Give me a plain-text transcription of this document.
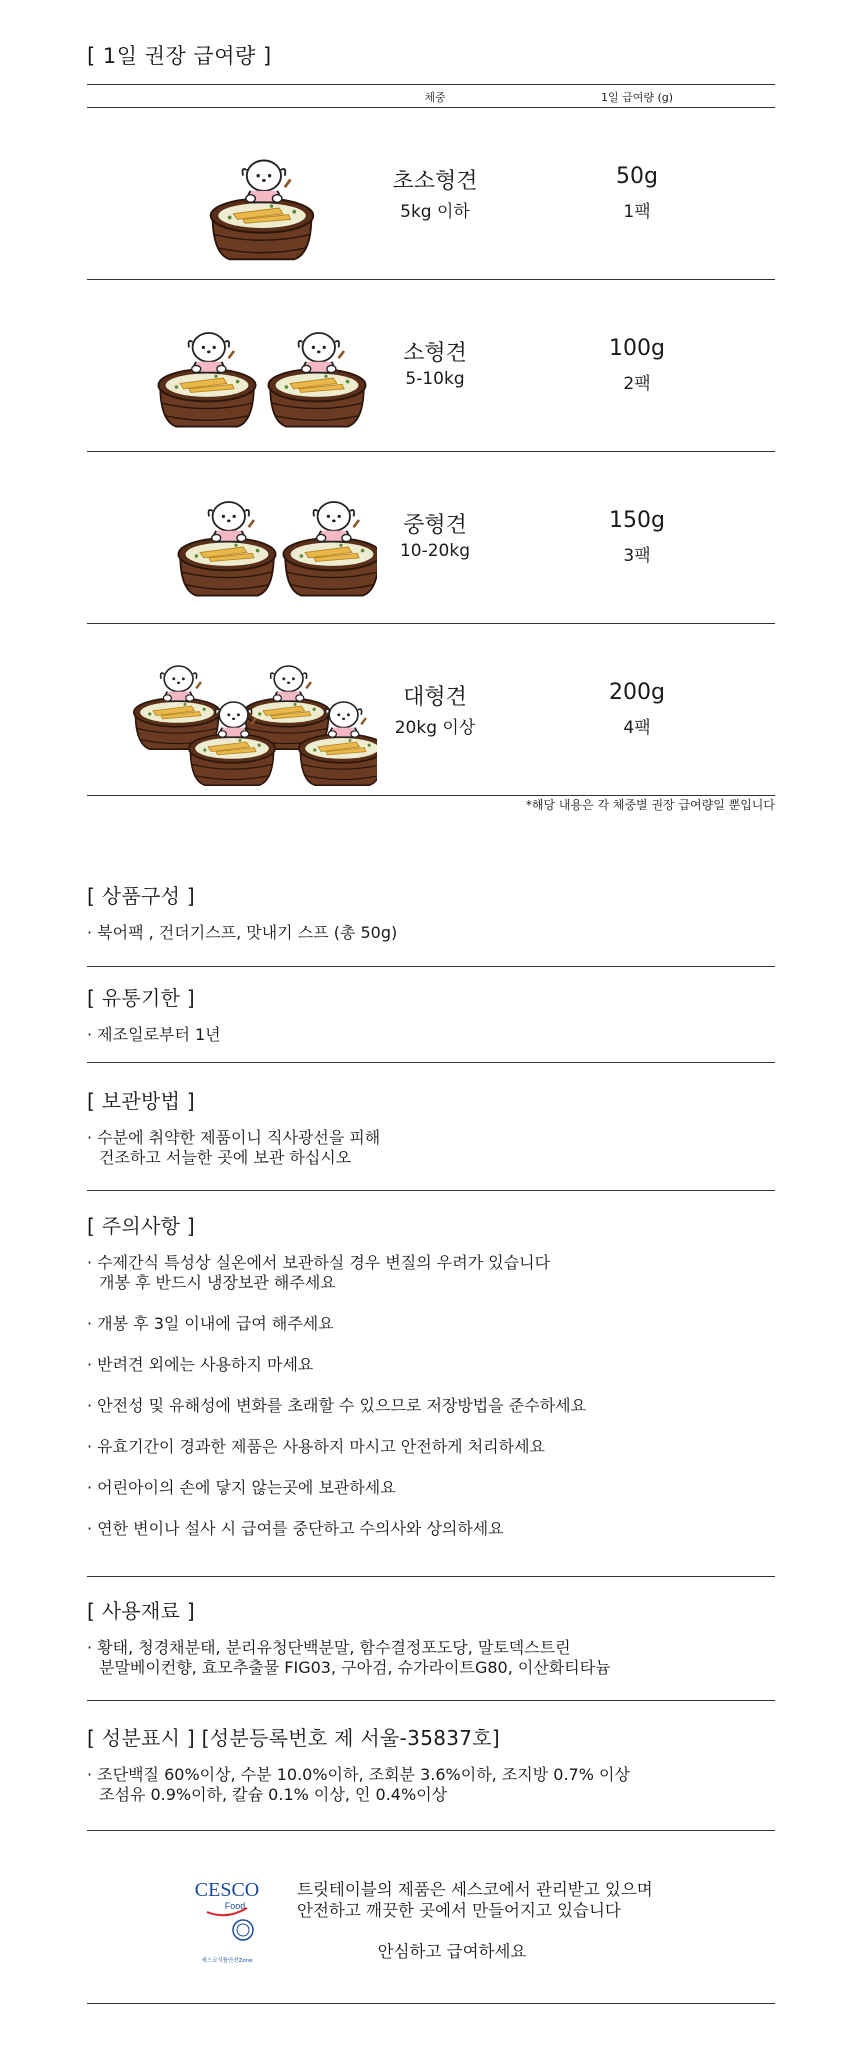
[ 1일 권장 급여량 ]
체중	1일 급여량 (g)
초소형견
5kg 이하
50g
1팩
소형견
5-10kg
100g
2팩
중형견
10-20kg
150g
3팩
대형견
20kg 이상
200g
4팩
*해당 내용은 각 체중별 권장 급여량일 뿐입니다
[ 상품구성 ]
· 북어팩 , 건더기스프, 맛내기 스프 (총 50g)
[ 유통기한 ]
· 제조일로부터 1년
[ 보관방법 ]
· 수분에 취약한 제품이니 직사광선을 피해
건조하고 서늘한 곳에 보관 하십시오
[ 주의사항 ]
· 수제간식 특성상 실온에서 보관하실 경우 변질의 우려가 있습니다
개봉 후 반드시 냉장보관 해주세요
· 개봉 후 3일 이내에 급여 해주세요
· 반려견 외에는 사용하지 마세요
· 안전성 및 유해성에 변화를 초래할 수 있으므로 저장방법을 준수하세요
· 유효기간이 경과한 제품은 사용하지 마시고 안전하게 처리하세요
· 어린아이의 손에 닿지 않는곳에 보관하세요
· 연한 변이나 설사 시 급여를 중단하고 수의사와 상의하세요
[ 사용재료 ]
· 황태, 청경채분태, 분리유청단백분말, 함수결정포도당, 말토덱스트린
분말베이컨향, 효모추출물 FIG03, 구아검, 슈가라이트G80, 이산화티타늄
[ 성분표시 ] [성분등록번호 제 서울-35837호]
· 조단백질 60%이상, 수분 10.0%이하, 조회분 3.6%이하, 조지방 0.7% 이상
조섬유 0.9%이하, 칼슘 0.1% 이상, 인 0.4%이상
CESCO
Food
세스코식품안전Zone
트릿테이블의 제품은 세스코에서 관리받고 있으며
안전하고 깨끗한 곳에서 만들어지고 있습니다
안심하고 급여하세요
